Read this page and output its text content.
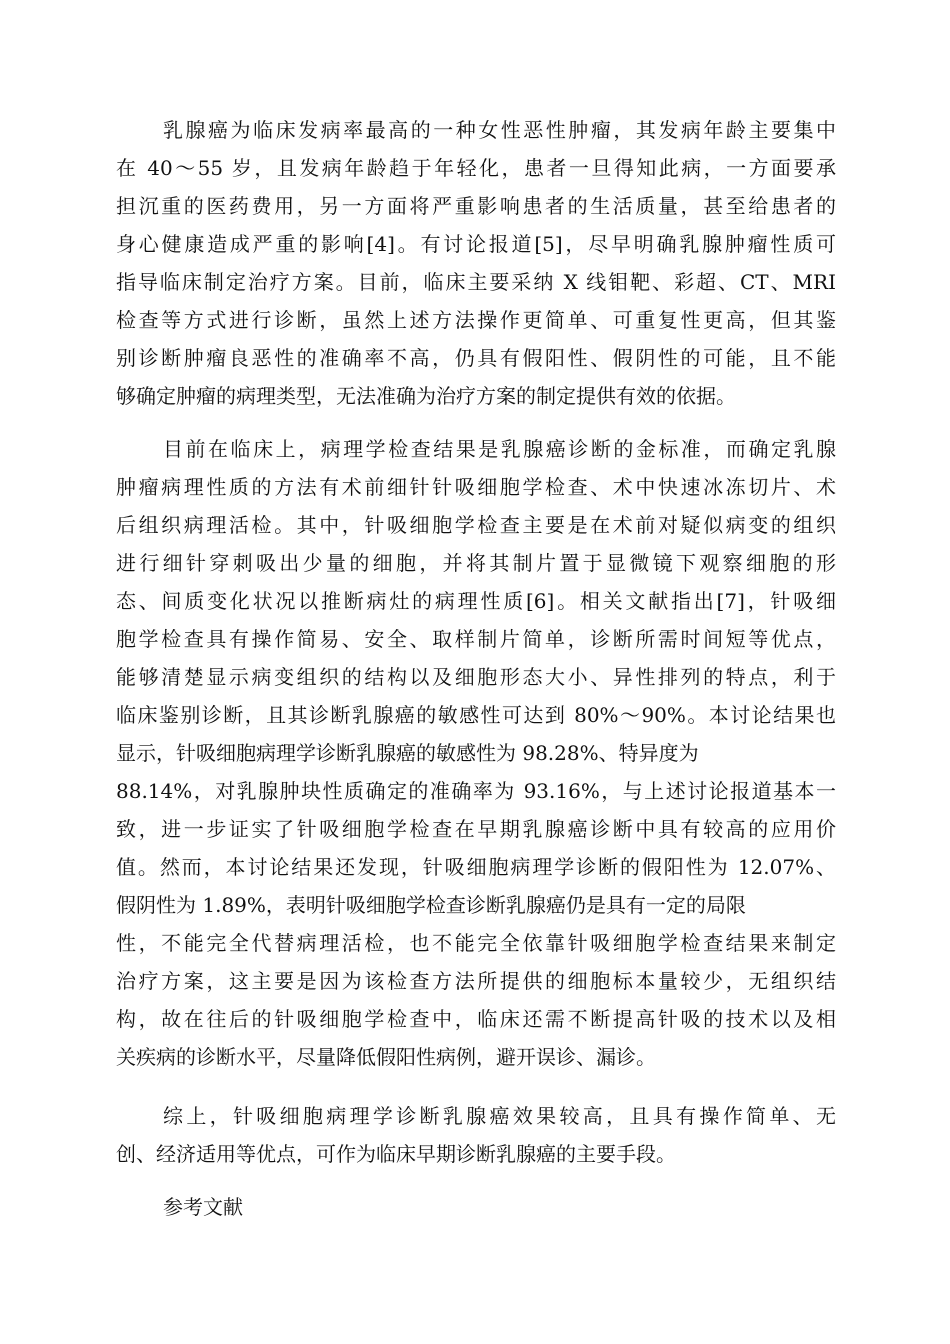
乳腺癌为临床发病率最高的一种女性恶性肿瘤，其发病年龄主要集中
在 40～55 岁，且发病年龄趋于年轻化，患者一旦得知此病，一方面要承
担沉重的医药费用，另一方面将严重影响患者的生活质量，甚至给患者的
身心健康造成严重的影响[4]。有讨论报道[5]，尽早明确乳腺肿瘤性质可
指导临床制定治疗方案。目前，临床主要采纳 X 线钼靶、彩超、CT、MRI
检查等方式进行诊断，虽然上述方法操作更简单、可重复性更高，但其鉴
别诊断肿瘤良恶性的准确率不高，仍具有假阳性、假阴性的可能，且不能
够确定肿瘤的病理类型，无法准确为治疗方案的制定提供有效的依据。
目前在临床上，病理学检查结果是乳腺癌诊断的金标准，而确定乳腺
肿瘤病理性质的方法有术前细针针吸细胞学检查、术中快速冰冻切片、术
后组织病理活检。其中，针吸细胞学检查主要是在术前对疑似病变的组织
进行细针穿刺吸出少量的细胞，并将其制片置于显微镜下观察细胞的形
态、间质变化状况以推断病灶的病理性质[6]。相关文献指出[7]，针吸细
胞学检查具有操作简易、安全、取样制片简单，诊断所需时间短等优点，
能够清楚显示病变组织的结构以及细胞形态大小、异性排列的特点，利于
临床鉴别诊断，且其诊断乳腺癌的敏感性可达到 80%～90%。本讨论结果也
显示，针吸细胞病理学诊断乳腺癌的敏感性为 98.28%、特异度为
88.14%，对乳腺肿块性质确定的准确率为 93.16%，与上述讨论报道基本一
致，进一步证实了针吸细胞学检查在早期乳腺癌诊断中具有较高的应用价
值。然而，本讨论结果还发现，针吸细胞病理学诊断的假阳性为 12.07%、
假阴性为 1.89%，表明针吸细胞学检查诊断乳腺癌仍是具有一定的局限
性，不能完全代替病理活检，也不能完全依靠针吸细胞学检查结果来制定
治疗方案，这主要是因为该检查方法所提供的细胞标本量较少，无组织结
构，故在往后的针吸细胞学检查中，临床还需不断提高针吸的技术以及相
关疾病的诊断水平，尽量降低假阳性病例，避开误诊、漏诊。
综上，针吸细胞病理学诊断乳腺癌效果较高，且具有操作简单、无
创、经济适用等优点，可作为临床早期诊断乳腺癌的主要手段。
参考文献
